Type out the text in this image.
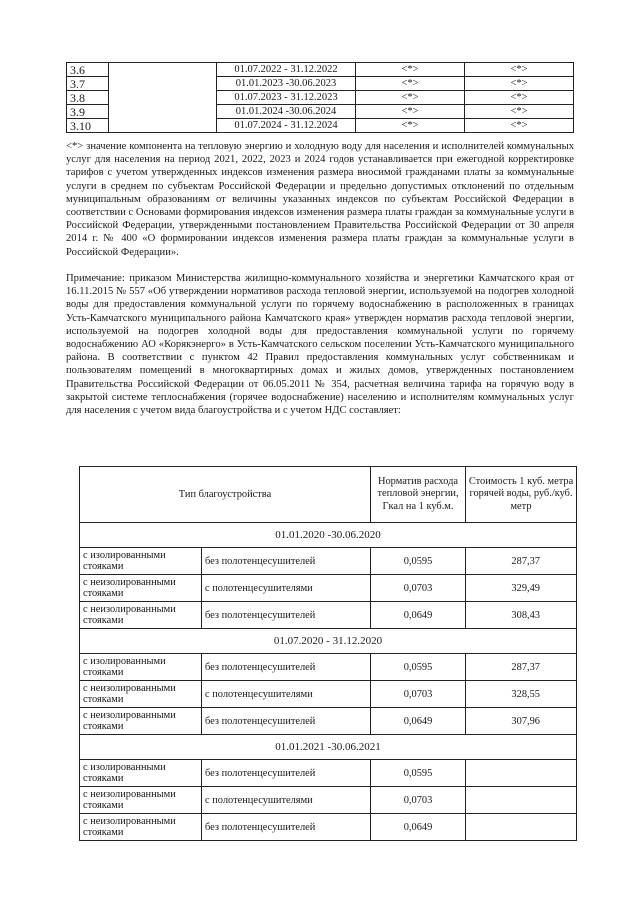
3.6		01.07.2022 - 31.12.2022	<*>	<*>
3.7		01.01.2023 -30.06.2023	<*>	<*>
3.8		01.07.2023 - 31.12.2023	<*>	<*>
3.9		01.01.2024 -30.06.2024	<*>	<*>
3.10		01.07.2024 - 31.12.2024	<*>	<*>

<*> значение компонента на тепловую энергию и холодную воду для населения и исполнителей коммунальных услуг для населения на период 2021, 2022, 2023 и 2024 годов устанавливается при ежегодной корректировке тарифов с учетом утвержденных индексов изменения размера вносимой гражданами платы за коммунальные услуги в среднем по субъектам Российской Федерации и предельно допустимых отклонений по отдельным муниципальным образованиям от величины указанных индексов по субъектам Российской Федерации в соответствии с Основами формирования индексов изменения размера платы граждан за коммунальные услуги в Российской Федерации, утвержденными постановлением Правительства Российской Федерации от 30 апреля 2014 г. № 400 «О формировании индексов изменения размера платы граждан за коммунальные услуги в Российской Федерации».

Примечание: приказом Министерства жилищно-коммунального хозяйства и энергетики Камчатского края от 16.11.2015 № 557 «Об утверждении нормативов расхода тепловой энергии, используемой на подогрев холодной воды для предоставления коммунальной услуги по горячему водоснабжению в расположенных в границах Усть-Камчатского муниципального района Камчатского края» утвержден норматив расхода тепловой энергии, используемой на подогрев холодной воды для предоставления коммунальной услуги по горячему водоснабжению АО «Корякэнерго» в Усть-Камчатского сельском поселении Усть-Камчатского муниципального района. В соответствии с пунктом 42 Правил предоставления коммунальных услуг собственникам и пользователям помещений в многоквартирных домах и жилых домов, утвержденных постановлением Правительства Российской Федерации от 06.05.2011 № 354, расчетная величина тарифа на горячую воду в закрытой системе теплоснабжения (горячее водоснабжение) населению и исполнителям коммунальных услуг для населения с учетом вида благоустройства и с учетом НДС составляет:

Тип благоустройства		Норматив расхода тепловой энергии, Гкал на 1 куб.м.	Стоимость 1 куб. метра горячей воды, руб./куб. метр
01.01.2020 -30.06.2020			
с изолированными стояками	без полотенцесушителей	0,0595	287,37
с неизолированными стояками	с полотенцесушителями	0,0703	329,49
с неизолированными стояками	без полотенцесушителей	0,0649	308,43
01.07.2020 - 31.12.2020			
с изолированными стояками	без полотенцесушителей	0,0595	287,37
с неизолированными стояками	с полотенцесушителями	0,0703	328,55
с неизолированными стояками	без полотенцесушителей	0,0649	307,96
01.01.2021 -30.06.2021			
с изолированными стояками	без полотенцесушителей	0,0595	
с неизолированными стояками	с полотенцесушителями	0,0703	
с неизолированными стояками	без полотенцесушителей	0,0649	
